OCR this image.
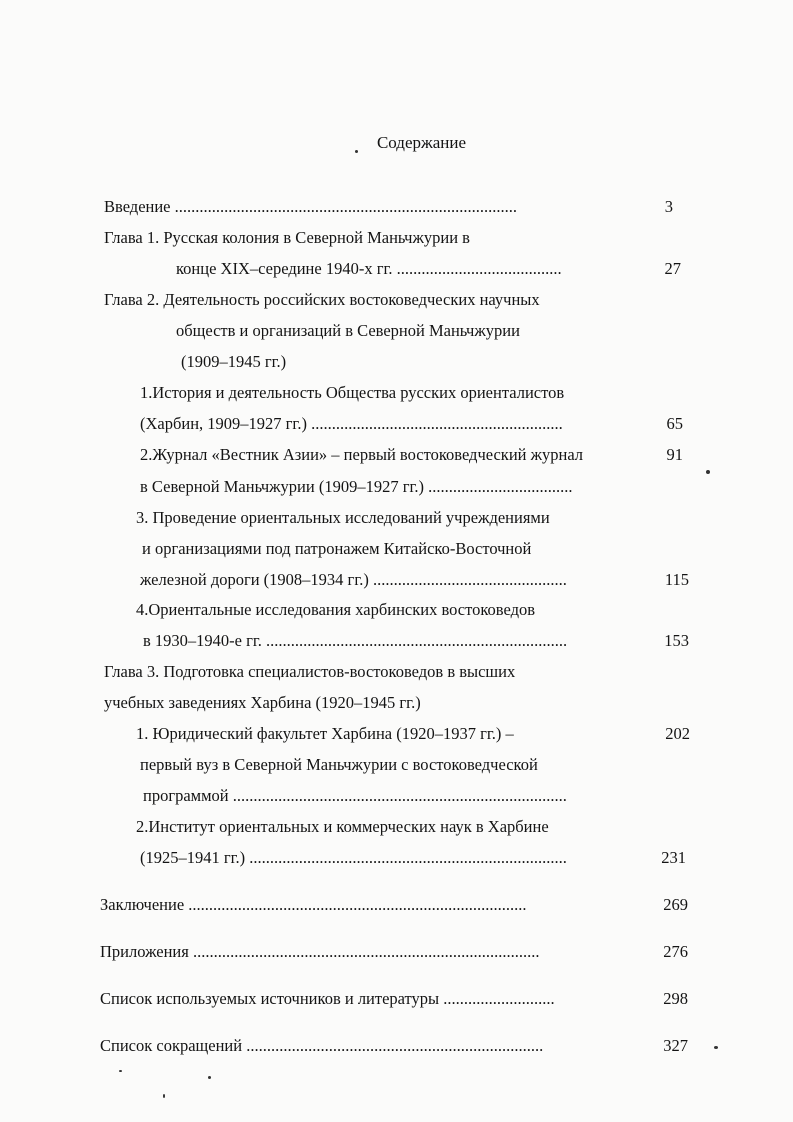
Содержание
Введение ...................................................................................
Глава 1. Русская колония в Северной Маньчжурии в
конце XIX–середине 1940-х гг. ........................................
Глава 2. Деятельность российских востоковедческих научных
обществ и организаций в Северной Маньчжурии
(1909–1945 гг.)
1.История и деятельность Общества русских ориенталистов
(Харбин, 1909–1927 гг.) .............................................................
2.Журнал «Вестник Азии» – первый востоковедческий журнал
в Северной Маньчжурии (1909–1927 гг.) ...................................
3. Проведение ориентальных исследований учреждениями
и организациями под патронажем Китайско-Восточной
железной дороги (1908–1934 гг.) ...............................................
4.Ориентальные исследования харбинских востоковедов
в 1930–1940-е гг. .........................................................................
Глава 3. Подготовка специалистов-востоковедов в высших
учебных заведениях Харбина (1920–1945 гг.)
1. Юридический факультет Харбина (1920–1937 гг.) –
первый вуз в Северной Маньчжурии с востоковедческой
программой .................................................................................
2.Институт ориентальных и коммерческих наук в Харбине
(1925–1941 гг.) .............................................................................
Заключение ..................................................................................
Приложения ....................................................................................
Список используемых источников и литературы ...........................
Список сокращений ........................................................................
3
27
65
91
115
153
202
231
269
276
298
327
